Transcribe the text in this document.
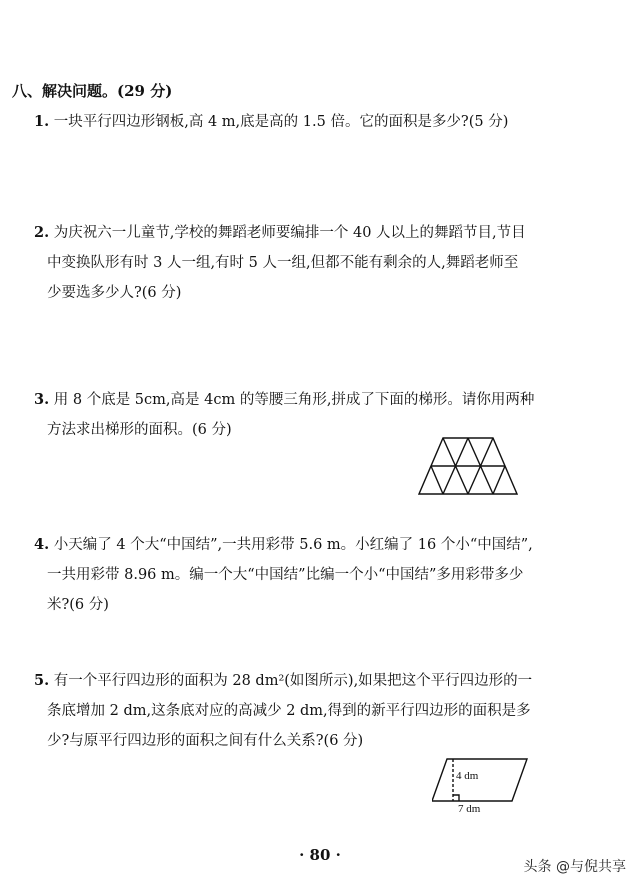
八、解决问题。(29 分)
1. 一块平行四边形钢板,高 4 m,底是高的 1.5 倍。它的面积是多少?(5 分)
2. 为庆祝六一儿童节,学校的舞蹈老师要编排一个 40 人以上的舞蹈节目,节目
中变换队形有时 3 人一组,有时 5 人一组,但都不能有剩余的人,舞蹈老师至
少要选多少人?(6 分)
3. 用 8 个底是 5cm,高是 4cm 的等腰三角形,拼成了下面的梯形。请你用两种
方法求出梯形的面积。(6 分)
4. 小天编了 4 个大“中国结”,一共用彩带 5.6 m。小红编了 16 个小“中国结”,
一共用彩带 8.96 m。编一个大“中国结”比编一个小“中国结”多用彩带多少
米?(6 分)
5. 有一个平行四边形的面积为 28 dm²(如图所示),如果把这个平行四边形的一
条底增加 2 dm,这条底对应的高减少 2 dm,得到的新平行四边形的面积是多
少?与原平行四边形的面积之间有什么关系?(6 分)
4 dm
7 dm
· 80 ·
头条 @与倪共享
